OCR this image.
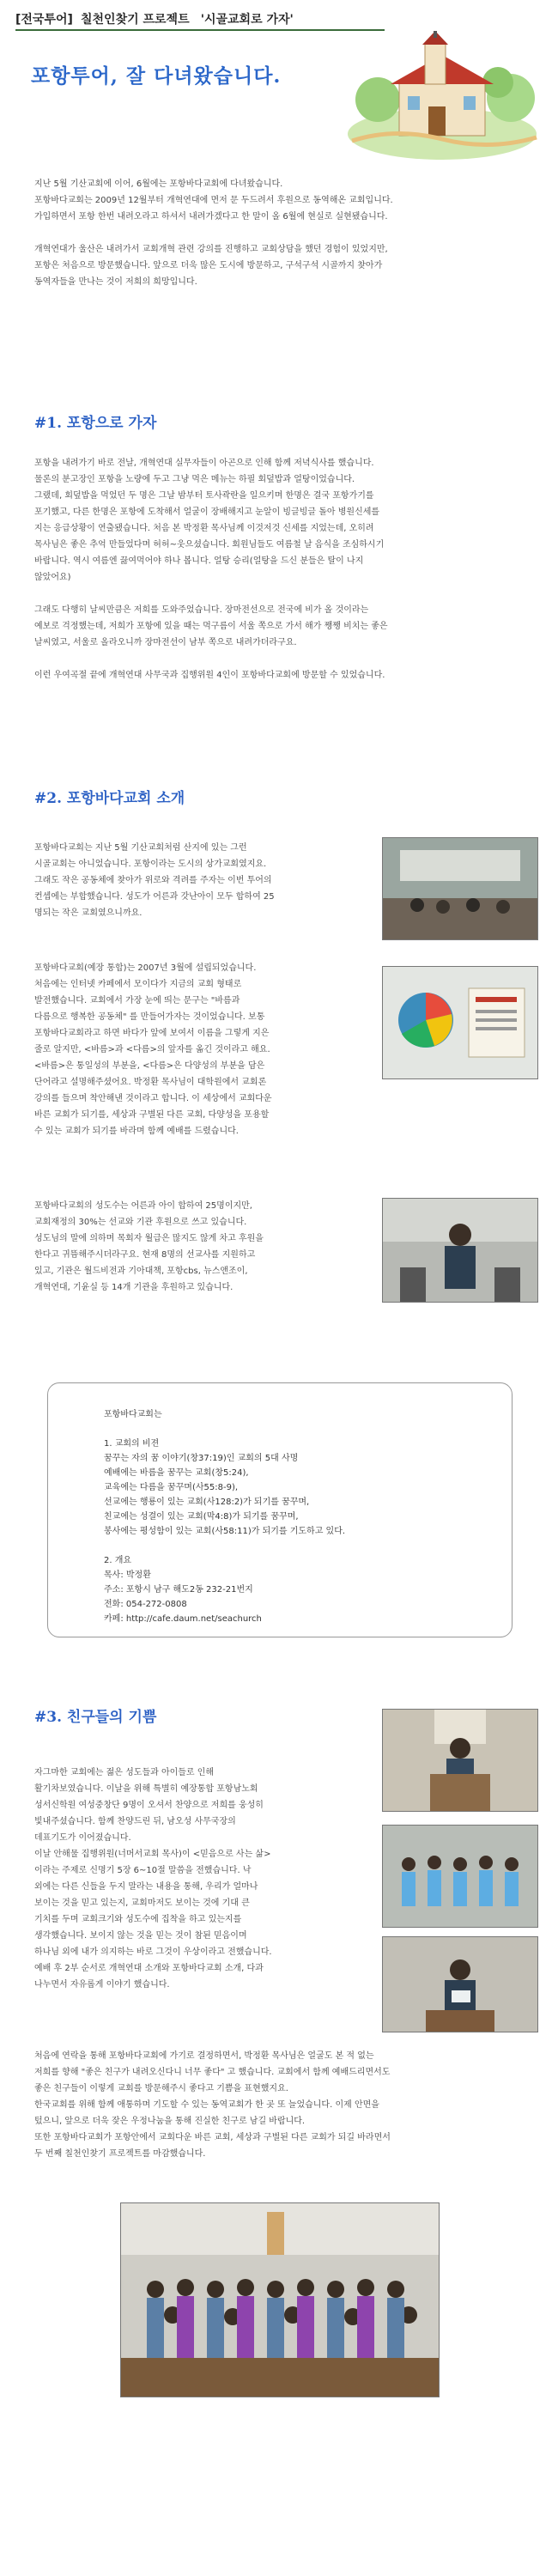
[전국투어] 칠천인찾기 프로젝트 '시골교회로 가자'
포항투어, 잘 다녀왔습니다.

지난 5월 기산교회에 이어, 6월에는 포항바다교회에 다녀왔습니다.

포항바다교회는 2009년 12월부터 개혁연대에 면저 문 두드려서 후원으로 동역해온 교회입니다.

가입하면서 포항 한번 내려오라고 하셔서 내려가겠다고 한 말이 올 6월에 현실로 실현됐습니다.

개혁연대가 울산은 내려가서 교회개혁 관련 강의를 진행하고 교회상담을 했던 경험이 있었지만,

포항은 처음으로 방문했습니다. 앞으로 더욱 많은 도시에 방문하고, 구석구석 시골까지 찾아가

동역자들을 만나는 것이 저희의 희망입니다.

#1. 포항으로 가자

포항을 내려가기 바로 전날, 개혁연대 실무자들이 아곤으로 인해 함께 저녁식사를 했습니다.

물론의 분고장인 포항을 노량에 두고 그냥 먹은 메뉴는 하필 회덮밥과 얼탕이었습니다.

그랬데, 회덮밥을 먹었던 두 명은 그날 밤부터 토사곽란을 일으키며 한명은 결국 포항가기를

포기했고, 다른 한명은 포항에 도착해서 얼굴이 장배해지고 눈알이 빙글빙글 돌아 병원신세를

지는 응급상황이 연출됐습니다. 처음 본 박정환 목사님께 이것저것 신세를 지었는데, 오히려

목사님은 좋은 추억 만들었다며 허허~웃으셨습니다. 회원님들도 여름철 날 음식을 조심하시기

바랍니다. 역시 여름엔 끓여먹어야 하나 봅니다. 얼탕 승리(얼탕을 드신 분들은 탈이 나지

않았어요)

그래도 다행히 날씨만큼은 저희를 도와주었습니다. 장마전선으로 전국에 비가 올 것이라는

예보로 걱정했는데, 저희가 포항에 있을 때는 먹구름이 서울 쪽으로 가서 해가 쨍쨍 비치는 좋은

날씨였고, 서울로 올라오니까 장마전선이 남부 쪽으로 내려가더라구요.

이런 우여곡절 끝에 개혁연대 사무국과 집행위원 4인이 포항바다교회에 방문할 수 있었습니다.

#2. 포항바다교회 소개

포항바다교회는 지난 5월 기산교회처럼 산지에 있는 그런

시골교회는 아니었습니다. 포항이라는 도시의 상가교회였지요.

그래도 작은 공동체에 찾아가 위로와 격려를 주자는 이번 투어의

컨셉에는 부합했습니다. 성도가 어른과 갓난아이 모두 합하여 25

명되는 작은 교회였으니까요.

포항바다교회(예장 통합)는 2007년 3월에 설립되었습니다.

처음에는 인터넷 카페에서 모이다가 지금의 교회 형태로

발전했습니다. 교회에서 가장 눈에 띄는 문구는 "바름과

다름으로 행복한 공동체" 를 만들어가자는 것이었습니다. 보통

포항바다교회라고 하면 바다가 앞에 보여서 이름을 그렇게 지은

줄로 알지만, <바름>과 <다름>의 앞자를 옮긴 것이라고 해요.

<바름>은 통일성의 부분을, <다름>은 다양성의 부분을 담은

단어라고 설명해주셨어요. 박정환 목사님이 대학원에서 교회론

강의를 들으며 착안해낸 것이라고 합니다. 이 세상에서 교회다운

바른 교회가 되기를, 세상과 구별된 다른 교회, 다양성을 포용할

수 있는 교회가 되기를 바라며 함께 예배를 드렸습니다.

포항바다교회의 성도수는 어른과 아이 합하여 25명이지만,

교회재정의 30%는 선교와 기관 후원으로 쓰고 있습니다.

성도님의 말에 의하며 목회자 월급은 많지도 않게 차고 후원을

한다고 귀뜸해주시더라구요. 현재 8명의 선교사를 지원하고

있고, 기관은 월드비전과 기아대책, 포항cbs, 뉴스앤조이,

개혁연대, 기윤실 등 14개 기관을 후원하고 있습니다.

포항바다교회는

1. 교회의 비젼

꿈꾸는 자의 꿈 이야기(창37:19)인 교회의 5대 사명

예배에는 바름을 꿈꾸는 교회(창5:24),

교육에는 다름을 꿈꾸며(사55:8-9),

선교에는 행룡이 있는 교회(사128:2)가 되기를 꿈꾸며,

친교에는 성결이 있는 교회(막4:8)가 되기를 꿈꾸며,

봉사에는 평성함이 있는 교회(사58:11)가 되기를 기도하고 있다.

2. 개요

목사: 박정환

주소: 포항시 남구 해도2동 232-21번지

전화: 054-272-0808

카페: http://cafe.daum.net/seachurch

#3. 친구들의 기쁨

자그마한 교회에는 젊은 성도들과 아이들로 인해

활기차보였습니다. 이날을 위해 특별히 예장통합 포항남노회

성서신학원 여성중창단 9명이 오셔서 찬양으로 저희를 웅성히

빛내주셨습니다. 함께 찬양드린 뒤, 남오성 사무국장의

데표기도가 이어졌습니다.

이날 안해물 집행위원(너머서교회 목사)이 <믿음으로 사는 삶>

이라는 주제로 신명기 5장 6~10절 말씀을 전했습니다. 낙

외에는 다른 신들을 두지 말라는 내용을 통해, 우리가 얼마나

보이는 것을 믿고 있는지, 교회마저도 보이는 것에 기대 큰

기치를 두며 교회크기와 성도수에 집착을 하고 있는지를

생각했습니다. 보이지 않는 것을 믿는 것이 참된 믿음이며

하나님 외에 내가 의지하는 바로 그것이 우상이라고 전했습니다.

예배 후 2부 순서로 개혁연대 소개와 포항바다교회 소개, 다과

나누면서 자유롭게 이야기 했습니다.

처음에 연락을 통해 포항바다교회에 가기로 결정하면서, 박정환 목사님은 얼굴도 본 적 없는

저희를 향해 "좋은 친구가 내려오신다니 너무 좋다" 고 했습니다. 교회에서 함께 예배드리면서도

좋은 친구들이 이렇게 교회를 방문해주시 좋다고 기쁨을 표현했지요.

한국교회를 위해 함께 애통하며 기도할 수 있는 동역교회가 한 곳 또 늘었습니다. 이제 안면을

텄으니, 앞으로 더욱 잦은 우정나눔을 통해 진실한 친구로 남길 바랍니다.

또한 포항바다교회가 포항안에서 교회다운 바른 교회, 세상과 구별된 다른 교회가 되길 바라면서

두 번째 칠천인찾기 프로젝트를 마감했습니다.
